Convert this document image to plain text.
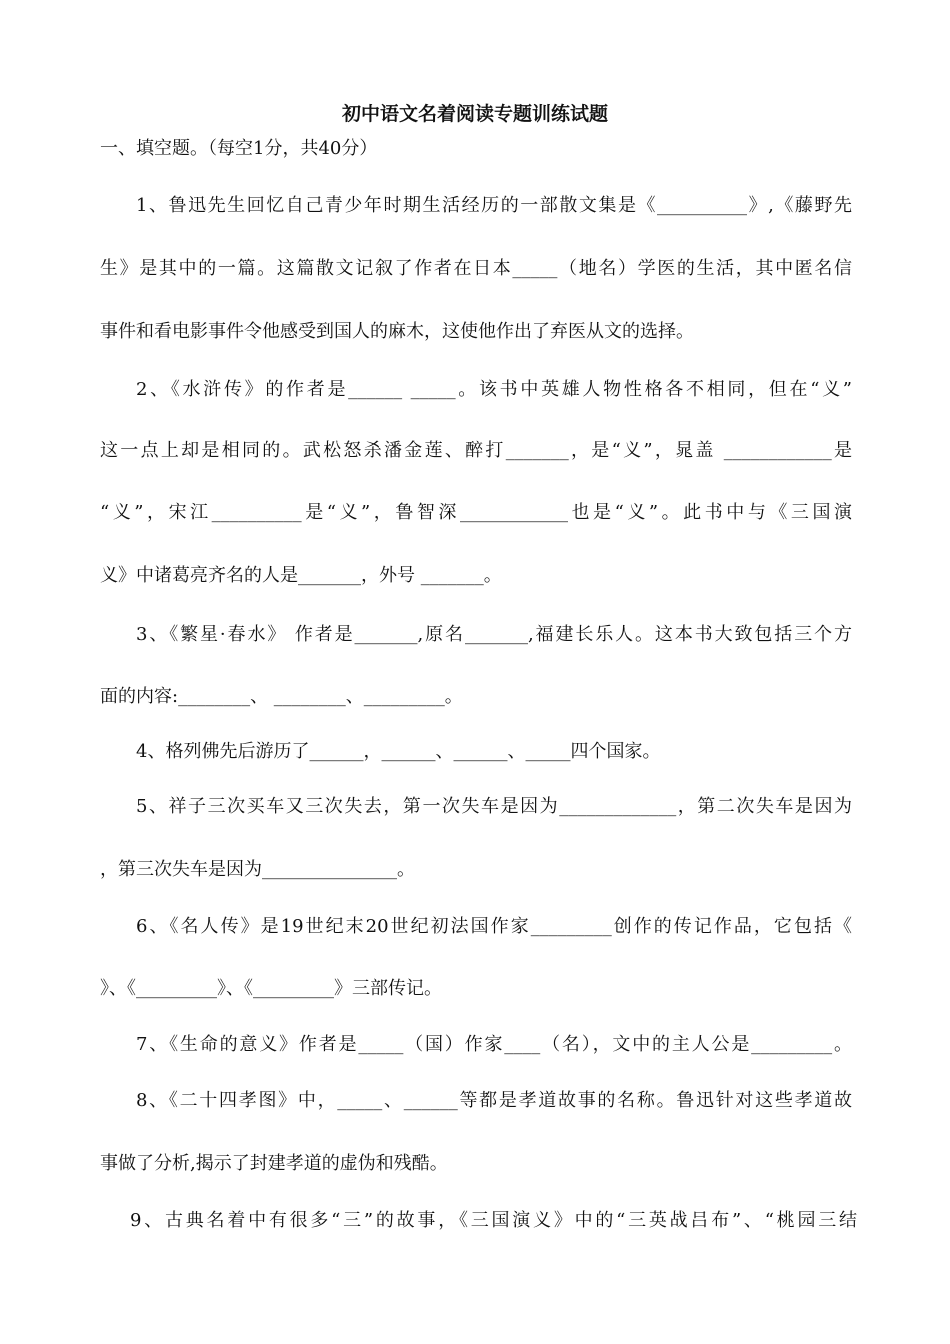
初中语文名着阅读专题训练试题
一、填空题。（每空1分，共40分）
1、鲁迅先生回忆自己青少年时期生活经历的一部散文集是《__________》,《藤野先
生》是其中的一篇。这篇散文记叙了作者在日本_____（地名）学医的生活，其中匿名信
事件和看电影事件令他感受到国人的麻木，这使他作出了弃医从文的选择。
2、《水浒传》的作者是______ _____。该书中英雄人物性格各不相同，但在“义”
这一点上却是相同的。武松怒杀潘金莲、醉打_______，是“义”，晁盖 ____________是
“义”，宋江__________是“义”，鲁智深____________也是“义”。此书中与《三国演
义》中诸葛亮齐名的人是_______，外号 _______。
3、《繁星·春水》 作者是_______,原名_______,福建长乐人。这本书大致包括三个方
面的内容:________、 ________、_________。
4、格列佛先后游历了______，______、______、_____四个国家。
5、祥子三次买车又三次失去，第一次失车是因为_____________，第二次失车是因为
，第三次失车是因为_______________。
6、《名人传》是19世纪末20世纪初法国作家_________创作的传记作品，它包括《
》、《_________》、《_________》三部传记。
7、《生命的意义》作者是_____（国）作家____（名），文中的主人公是_________。
8、《二十四孝图》中，_____、______等都是孝道故事的名称。鲁迅针对这些孝道故
事做了分析,揭示了封建孝道的虚伪和残酷。
9、古典名着中有很多“三”的故事，《三国演义》中的“三英战吕布”、“桃园三结
